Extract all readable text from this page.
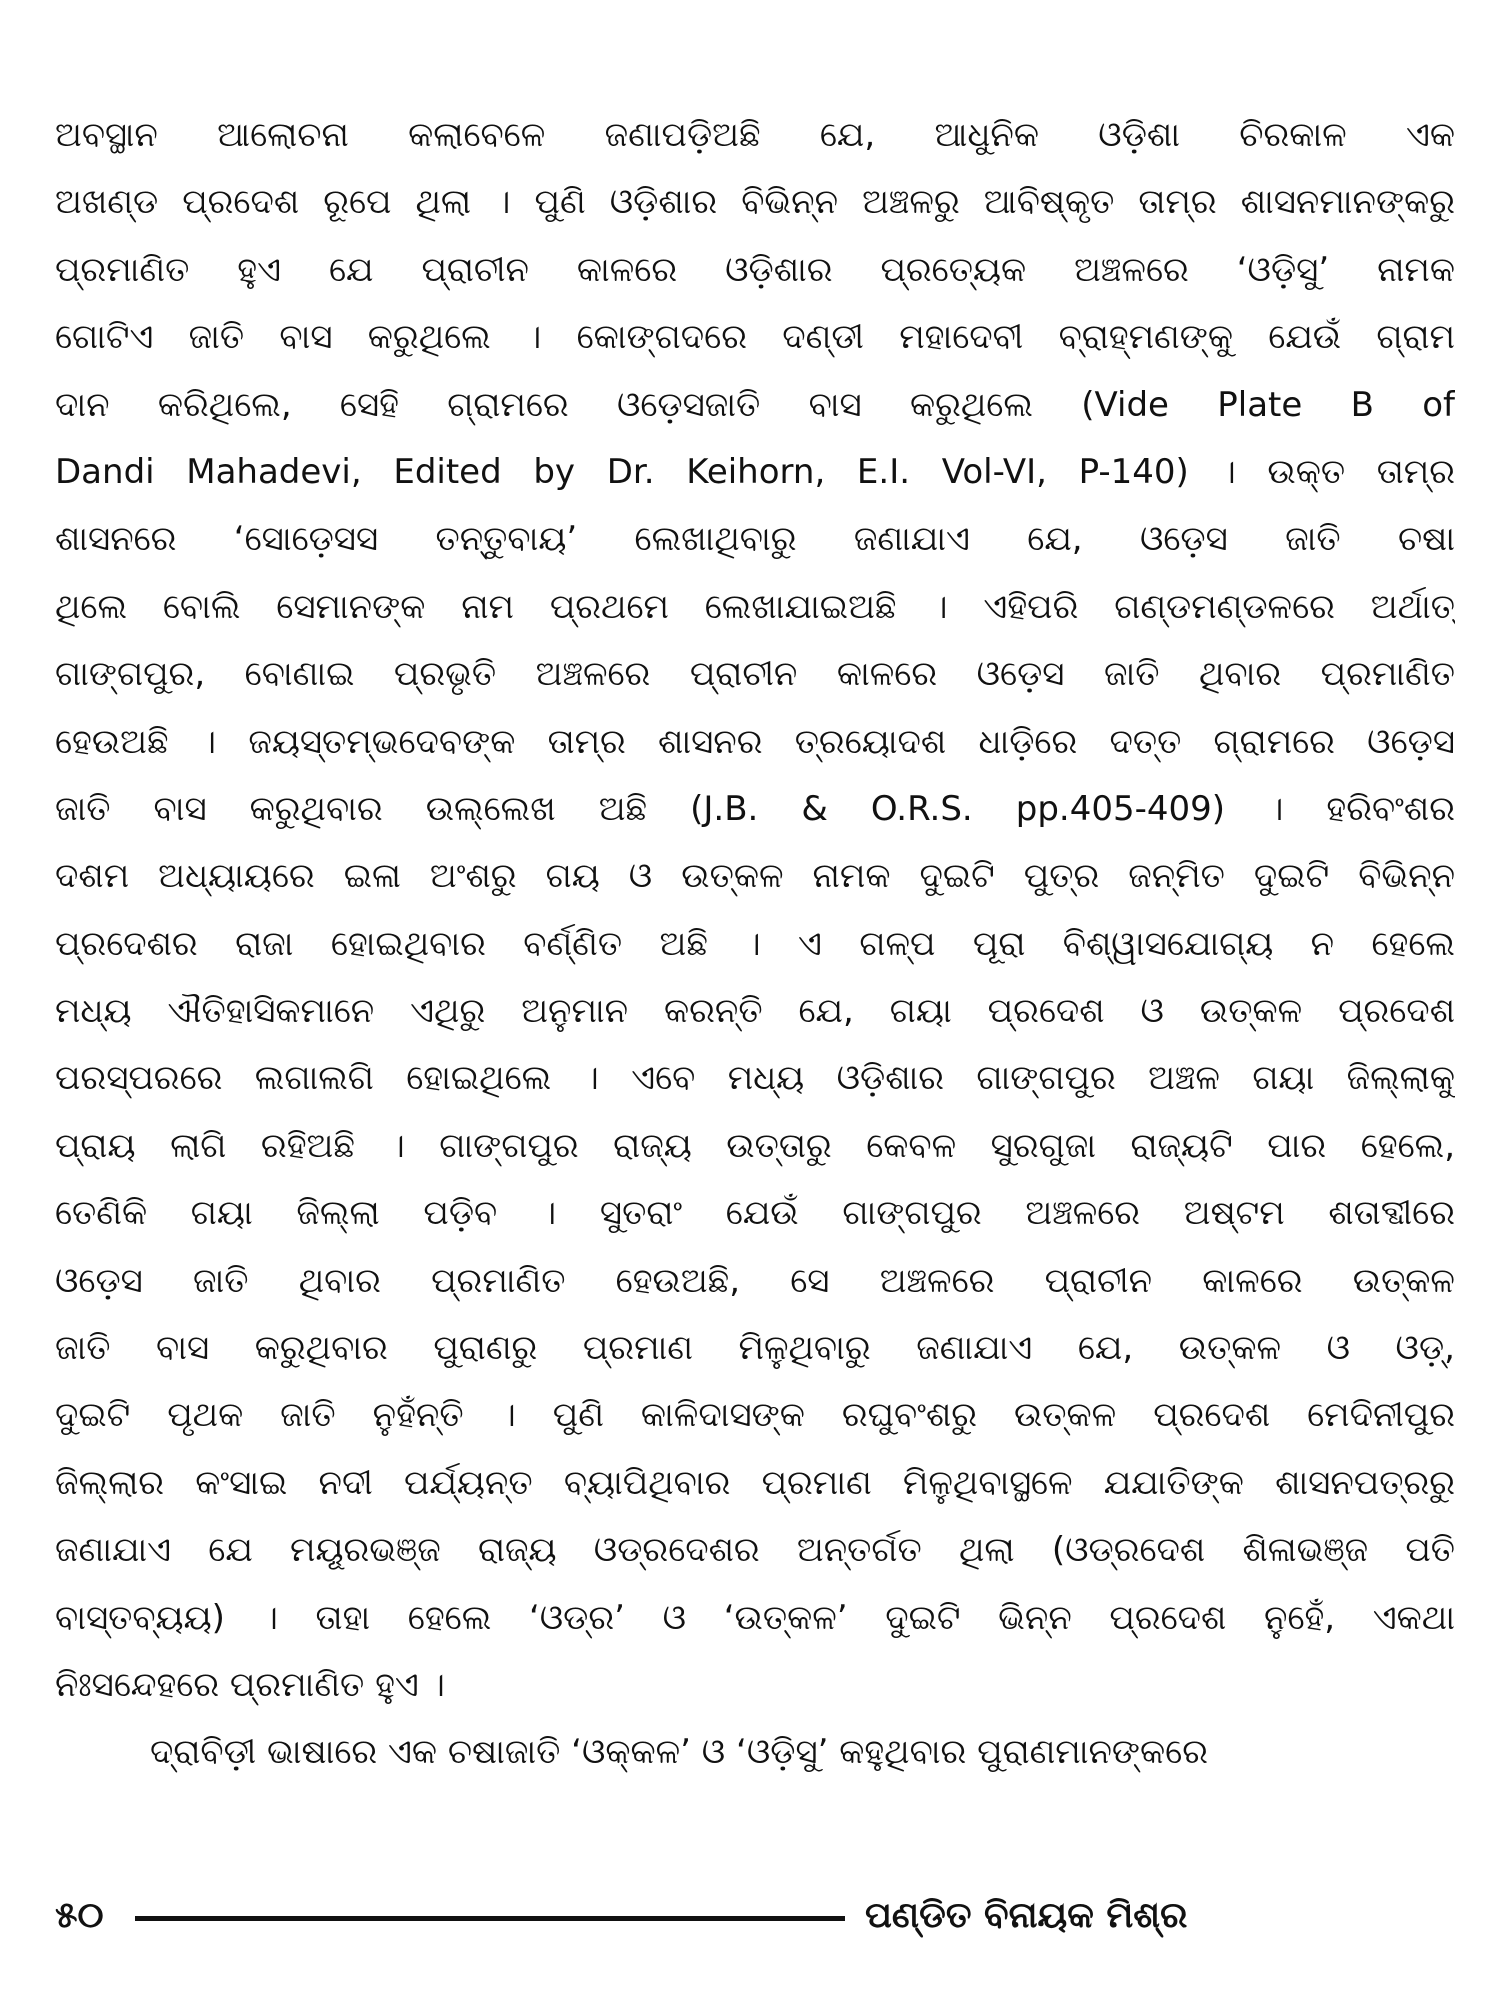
ଅବସ୍ଥାନ ଆଲୋଚନା କଲାବେଳେ ଜଣାପଡ଼ିଅଛି ଯେ, ଆଧୁନିକ ଓଡ଼ିଶା ଚିରକାଳ ଏକ
ଅଖଣ୍ଡ ପ୍ରଦେଶ ରୂପେ ଥିଲା । ପୁଣି ଓଡ଼ିଶାର ବିଭିନ୍ନ ଅଞ୍ଚଳରୁ ଆବିଷ୍କୃତ ତାମ୍ର ଶାସନମାନଙ୍କରୁ
ପ୍ରମାଣିତ ହୁଏ ଯେ ପ୍ରାଚୀନ କାଳରେ ଓଡ଼ିଶାର ପ୍ରତ୍ୟେକ ଅଞ୍ଚଳରେ ‘ଓଡ଼ିସୁ’ ନାମକ
ଗୋଟିଏ ଜାତି ବାସ କରୁଥିଲେ । କୋଙ୍ଗଦରେ ଦଣ୍ଡୀ ମହାଦେବୀ ବ୍ରାହ୍ମଣଙ୍କୁ ଯେଉଁ ଗ୍ରାମ
ଦାନ କରିଥିଲେ, ସେହି ଗ୍ରାମରେ ଓଡ଼େସଜାତି ବାସ କରୁଥିଲେ (Vide Plate B of
Dandi Mahadevi, Edited by Dr. Keihorn, E.I. Vol-VI, P-140) । ଉକ୍ତ ତାମ୍ର
ଶାସନରେ ‘ସୋଡ଼େସସ ତନ୍ତୁବାୟ’ ଲେଖାଥିବାରୁ ଜଣାଯାଏ ଯେ, ଓଡ଼େସ ଜାତି ଚଷା
ଥିଲେ ବୋଲି ସେମାନଙ୍କ ନାମ ପ୍ରଥମେ ଲେଖାଯାଇଅଛି । ଏହିପରି ଗଣ୍ଡମଣ୍ଡଳରେ ଅର୍ଥାତ୍
ଗାଙ୍ଗପୁର, ବୋଣାଇ ପ୍ରଭୃତି ଅଞ୍ଚଳରେ ପ୍ରାଚୀନ କାଳରେ ଓଡ଼େସ ଜାତି ଥିବାର ପ୍ରମାଣିତ
ହେଉଅଛି । ଜୟସ୍ତମ୍ଭଦେବଙ୍କ ତାମ୍ର ଶାସନର ତ୍ରୟୋଦଶ ଧାଡ଼ିରେ ଦତ୍ତ ଗ୍ରାମରେ ଓଡ଼େସ
ଜାତି ବାସ କରୁଥିବାର ଉଲ୍ଲେଖ ଅଛି (J.B. & O.R.S. pp.405-409) । ହରିବଂଶର
ଦଶମ ଅଧ୍ୟାୟରେ ଇଳା ଅଂଶରୁ ଗୟ ଓ ଉତ୍କଳ ନାମକ ଦୁଇଟି ପୁତ୍ର ଜନ୍ମିତ ଦୁଇଟି ବିଭିନ୍ନ
ପ୍ରଦେଶର ରାଜା ହୋଇଥିବାର ବର୍ଣ୍ଣିତ ଅଛି । ଏ ଗଳ୍ପ ପୂରା ବିଶ୍ୱାସଯୋଗ୍ୟ ନ ହେଲେ
ମଧ୍ୟ ଐତିହାସିକମାନେ ଏଥିରୁ ଅନୁମାନ କରନ୍ତି ଯେ, ଗୟା ପ୍ରଦେଶ ଓ ଉତ୍କଳ ପ୍ରଦେଶ
ପରସ୍ପରରେ ଲଗାଲଗି ହୋଇଥିଲେ । ଏବେ ମଧ୍ୟ ଓଡ଼ିଶାର ଗାଙ୍ଗପୁର ଅଞ୍ଚଳ ଗୟା ଜିଲ୍ଲାକୁ
ପ୍ରାୟ ଲାଗି ରହିଅଛି । ଗାଙ୍ଗପୁର ରାଜ୍ୟ ଉତ୍ତାରୁ କେବଳ ସୁରଗୁଜା ରାଜ୍ୟଟି ପାର ହେଲେ,
ତେଣିକି ଗୟା ଜିଲ୍ଲା ପଡ଼ିବ । ସୁତରାଂ ଯେଉଁ ଗାଙ୍ଗପୁର ଅଞ୍ଚଳରେ ଅଷ୍ଟମ ଶତାବ୍ଦୀରେ
ଓଡ଼େସ ଜାତି ଥିବାର ପ୍ରମାଣିତ ହେଉଅଛି, ସେ ଅଞ୍ଚଳରେ ପ୍ରାଚୀନ କାଳରେ ଉତ୍କଳ
ଜାତି ବାସ କରୁଥିବାର ପୁରାଣରୁ ପ୍ରମାଣ ମିଳୁଥିବାରୁ ଜଣାଯାଏ ଯେ, ଉତ୍କଳ ଓ ଓଡ଼୍,
ଦୁଇଟି ପୃଥକ ଜାତି ନୁହଁନ୍ତି । ପୁଣି କାଳିଦାସଙ୍କ ରଘୁବଂଶରୁ ଉତ୍କଳ ପ୍ରଦେଶ ମେଦିନୀପୁର
ଜିଲ୍ଲାର କଂସାଇ ନଦୀ ପର୍ଯ୍ୟନ୍ତ ବ୍ୟାପିଥିବାର ପ୍ରମାଣ ମିଳୁଥିବାସ୍ଥଳେ ଯଯାତିଙ୍କ ଶାସନପତ୍ରରୁ
ଜଣାଯାଏ ଯେ ମୟୂରଭଞ୍ଜ ରାଜ୍ୟ ଓଡ୍ରଦେଶର ଅନ୍ତର୍ଗତ ଥିଲା (ଓଡ୍ରଦେଶ ଶିଳାଭଞ୍ଜ ପତି
ବାସ୍ତବ୍ୟୟ) । ତାହା ହେଲେ ‘ଓଡ୍ର’ ଓ ‘ଉତ୍କଳ’ ଦୁଇଟି ଭିନ୍ନ ପ୍ରଦେଶ ନୁହେଁ, ଏକଥା
ନିଃସନ୍ଦେହରେ ପ୍ରମାଣିତ ହୁଏ ।
ଦ୍ରାବିଡ଼ୀ ଭାଷାରେ ଏକ ଚଷାଜାତି ‘ଓକ୍କଳ’ ଓ ‘ଓଡ଼ିସୁ’ କହୁଥିବାର ପୁରାଣମାନଙ୍କରେ
୫୦	ପଣ୍ଡିତ ବିନାୟକ ମିଶ୍ର
